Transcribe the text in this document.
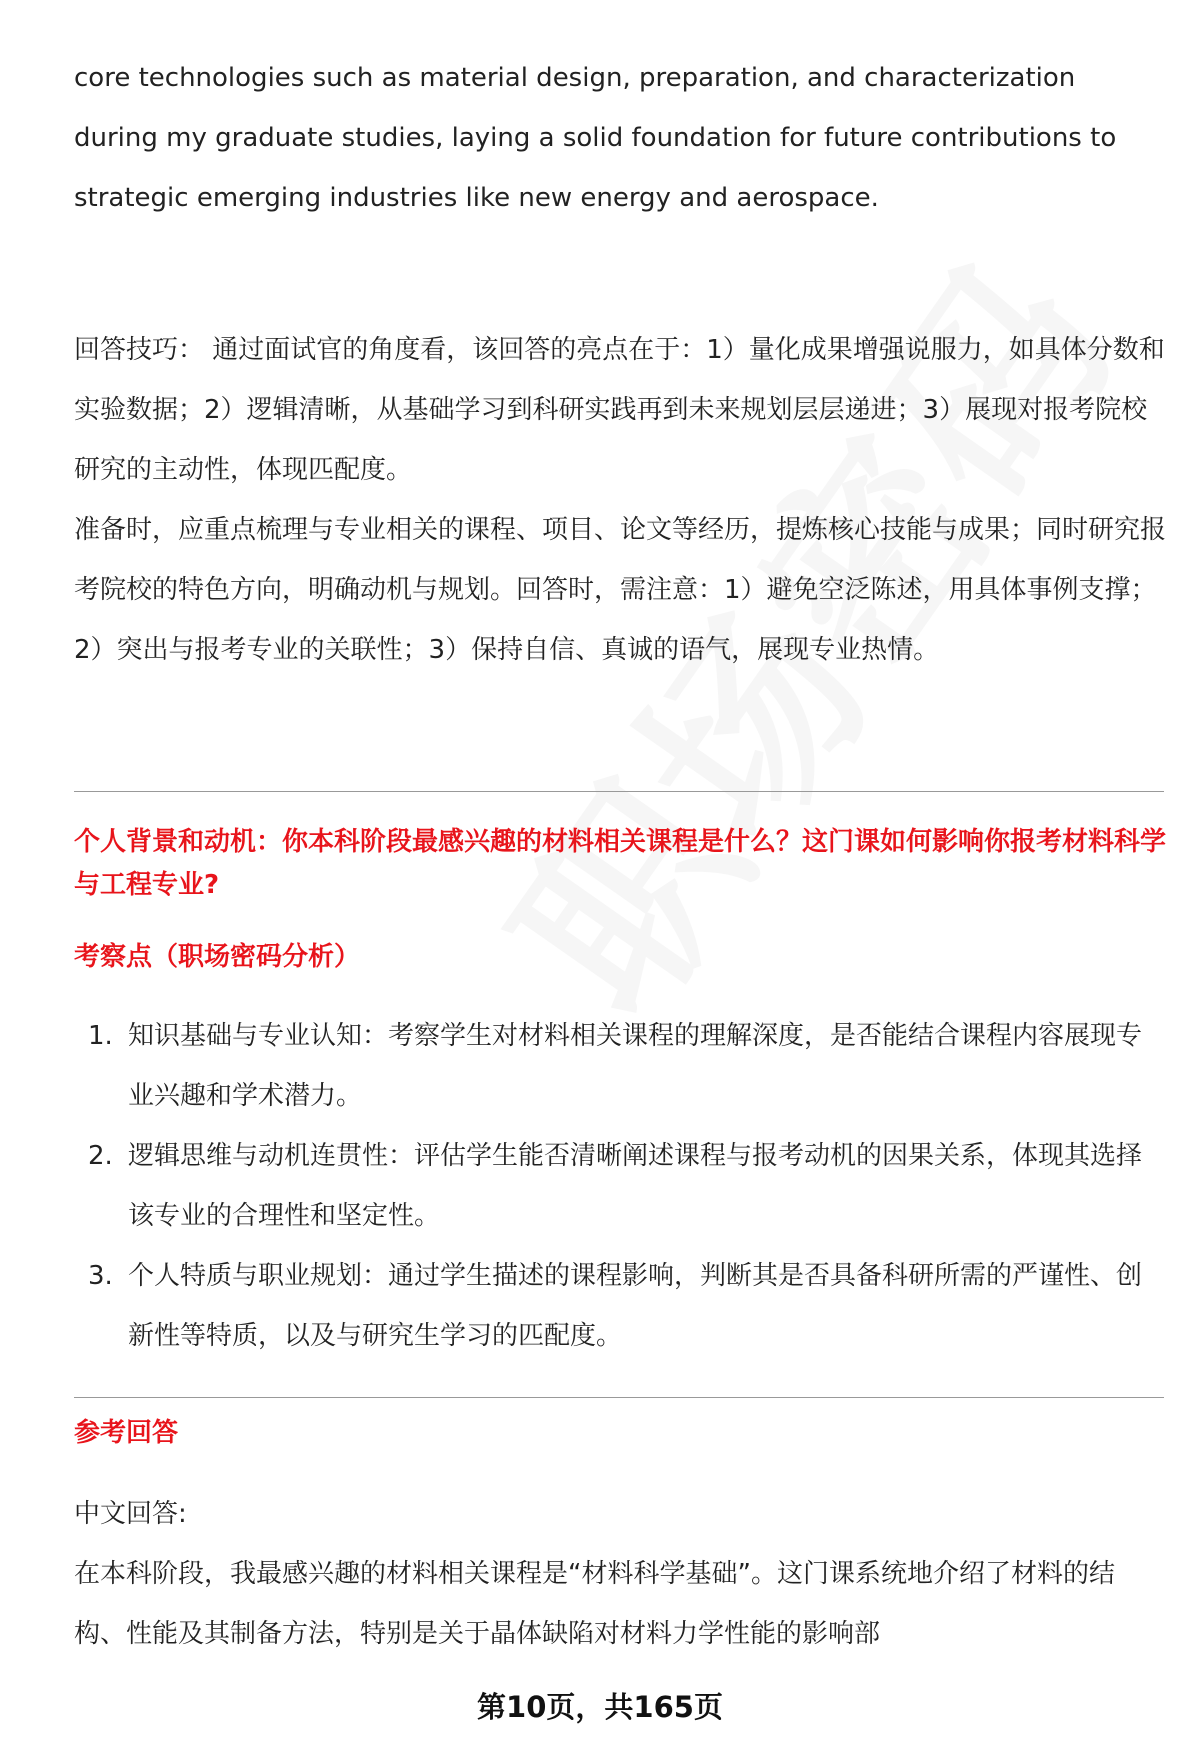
core technologies such as material design, preparation, and characterization during my graduate studies, laying a solid foundation for future contributions to strategic emerging industries like new energy and aerospace.

回答技巧： 通过面试官的角度看，该回答的亮点在于：1）量化成果增强说服力，如具体分数和实验数据；2）逻辑清晰，从基础学习到科研实践再到未来规划层层递进；3）展现对报考院校研究的主动性，体现匹配度。

准备时，应重点梳理与专业相关的课程、项目、论文等经历，提炼核心技能与成果；同时研究报考院校的特色方向，明确动机与规划。回答时，需注意：1）避免空泛陈述，用具体事例支撑；2）突出与报考专业的关联性；3）保持自信、真诚的语气，展现专业热情。

个人背景和动机：你本科阶段最感兴趣的材料相关课程是什么？这门课如何影响你报考材料科学与工程专业?
考察点（职场密码分析）
1. 知识基础与专业认知：考察学生对材料相关课程的理解深度，是否能结合课程内容展现专业兴趣和学术潜力。
2. 逻辑思维与动机连贯性：评估学生能否清晰阐述课程与报考动机的因果关系，体现其选择该专业的合理性和坚定性。
3. 个人特质与职业规划：通过学生描述的课程影响，判断其是否具备科研所需的严谨性、创新性等特质，以及与研究生学习的匹配度。
参考回答

中文回答:

在本科阶段，我最感兴趣的材料相关课程是“材料科学基础”。这门课系统地介绍了材料的结构、性能及其制备方法，特别是关于晶体缺陷对材料力学性能的影响部

第10页，共165页
